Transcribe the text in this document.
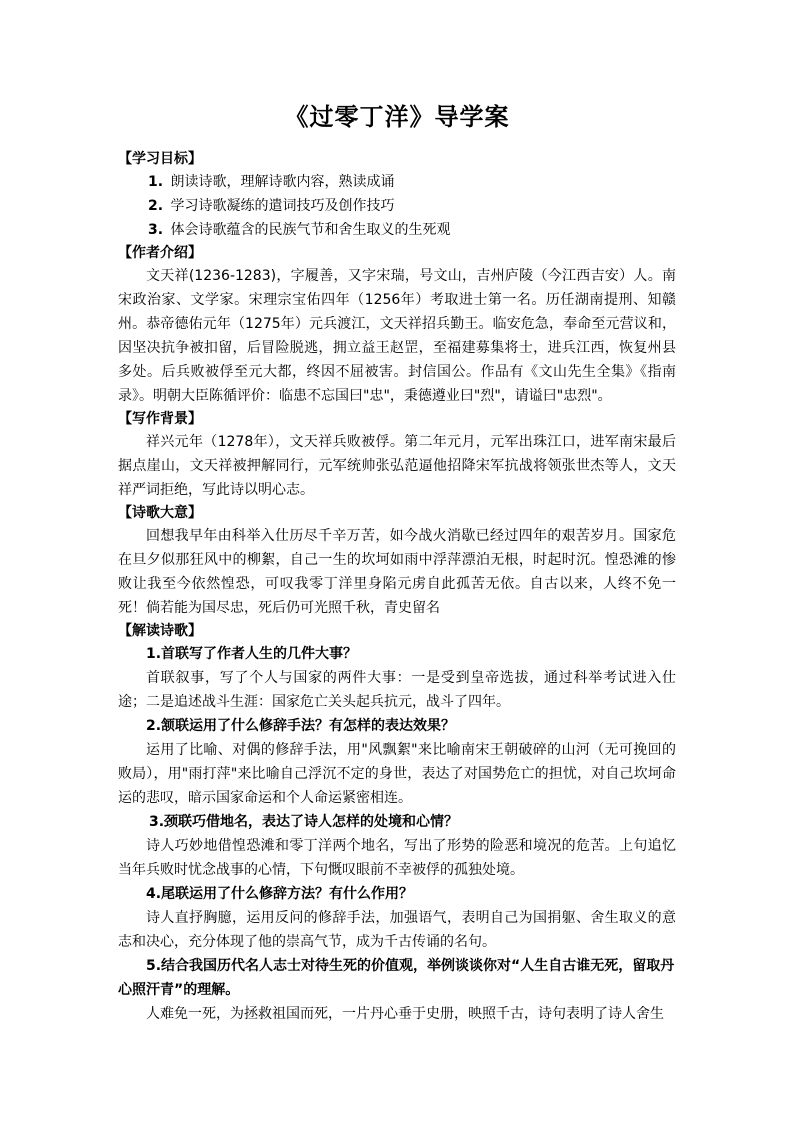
《过零丁洋》导学案
【学习目标】
1. 朗读诗歌，理解诗歌内容，熟读成诵
2. 学习诗歌凝练的遣词技巧及创作技巧
3. 体会诗歌蕴含的民族气节和舍生取义的生死观
【作者介绍】

文天祥(1236-1283)，字履善，又字宋瑞，号文山，吉州庐陵（今江西吉安）人。南宋政治家、文学家。宋理宗宝佑四年（1256年）考取进士第一名。历任湖南提刑、知赣州。恭帝德佑元年（1275年）元兵渡江，文天祥招兵勤王。临安危急，奉命至元营议和，因坚决抗争被扣留，后冒险脱逃，拥立益王赵罡，至福建募集将士，进兵江西，恢复州县多处。后兵败被俘至元大都，终因不屈被害。封信国公。作品有《文山先生全集》《指南录》。明朝大臣陈循评价：临患不忘国曰"忠"，秉德遵业曰"烈"，请谥曰"忠烈"。

【写作背景】

祥兴元年（1278年），文天祥兵败被俘。第二年元月，元军出珠江口，进军南宋最后据点崖山，文天祥被押解同行，元军统帅张弘范逼他招降宋军抗战将领张世杰等人，文天祥严词拒绝，写此诗以明心志。

【诗歌大意】

回想我早年由科举入仕历尽千辛万苦，如今战火消歇已经过四年的艰苦岁月。国家危在旦夕似那狂风中的柳絮，自己一生的坎坷如雨中浮萍漂泊无根，时起时沉。惶恐滩的惨败让我至今依然惶恐，可叹我零丁洋里身陷元虏自此孤苦无依。自古以来，人终不免一死！倘若能为国尽忠，死后仍可光照千秋，青史留名

【解读诗歌】
1.首联写了作者人生的几件大事？

首联叙事，写了个人与国家的两件大事：一是受到皇帝选拔，通过科举考试进入仕途；二是追述战斗生涯：国家危亡关头起兵抗元，战斗了四年。

2.颔联运用了什么修辞手法？有怎样的表达效果？

运用了比喻、对偶的修辞手法，用"风飘絮"来比喻南宋王朝破碎的山河（无可挽回的败局），用"雨打萍"来比喻自己浮沉不定的身世，表达了对国势危亡的担忧，对自己坎坷命运的悲叹，暗示国家命运和个人命运紧密相连。

3.颈联巧借地名，表达了诗人怎样的处境和心情？

诗人巧妙地借惶恐滩和零丁洋两个地名，写出了形势的险恶和境况的危苦。上句追忆当年兵败时忧念战事的心情，下句慨叹眼前不幸被俘的孤独处境。

4.尾联运用了什么修辞方法？有什么作用？

诗人直抒胸臆，运用反问的修辞手法，加强语气，表明自己为国捐躯、舍生取义的意志和决心，充分体现了他的崇高气节，成为千古传诵的名句。

5.结合我国历代名人志士对待生死的价值观，举例谈谈你对“人生自古谁无死，留取丹心照汗青”的理解。

人难免一死，为拯救祖国而死，一片丹心垂于史册，映照千古，诗句表明了诗人舍生
